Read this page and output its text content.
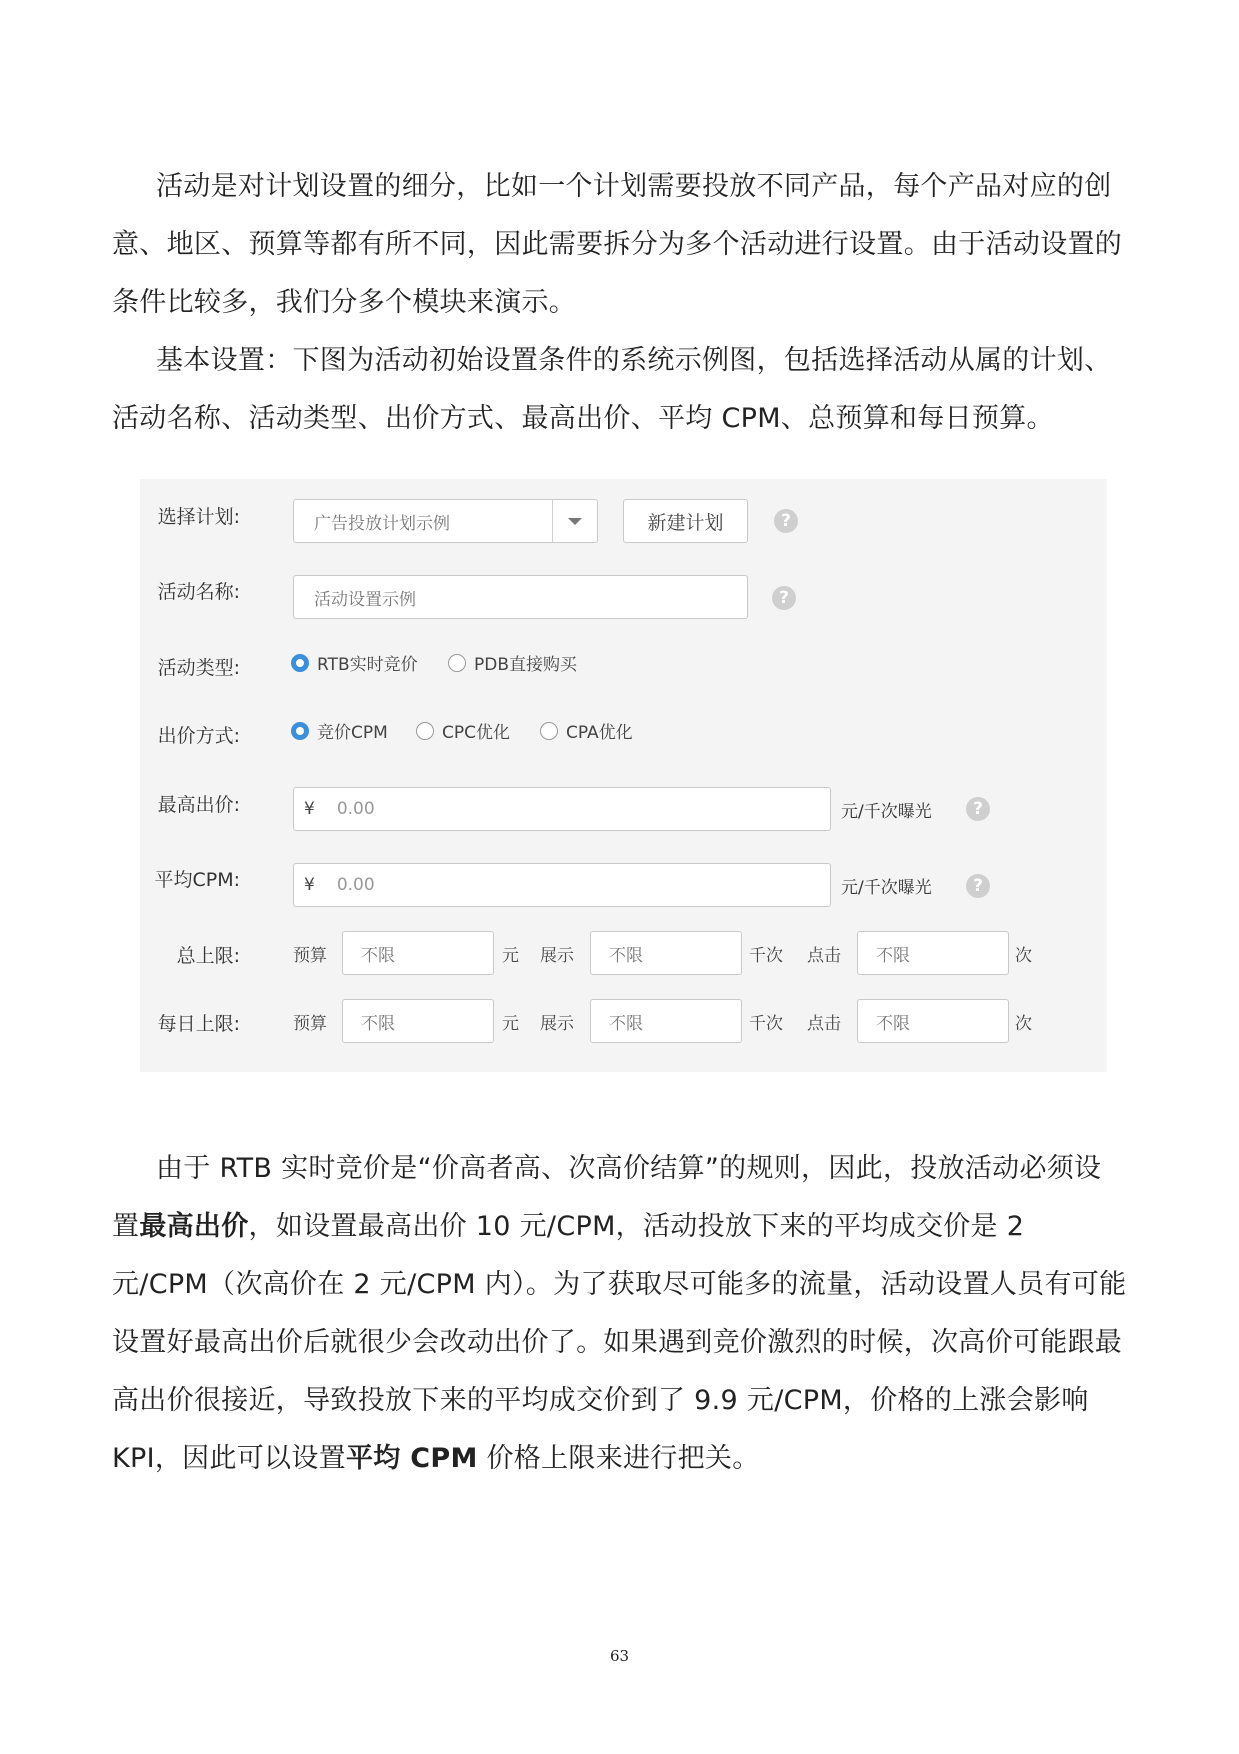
活动是对计划设置的细分，比如一个计划需要投放不同产品，每个产品对应的创意、地区、预算等都有所不同，因此需要拆分为多个活动进行设置。由于活动设置的条件比较多，我们分多个模块来演示。

基本设置：下图为活动初始设置条件的系统示例图，包括选择活动从属的计划、活动名称、活动类型、出价方式、最高出价、平均 CPM、总预算和每日预算。

选择计划:	广告投放计划示例	新建计划	?
活动名称:	活动设置示例	?
活动类型:	RTB实时竞价	PDB直接购买
出价方式:	竞价CPM	CPC优化	CPA优化
最高出价:	¥ 0.00	元/千次曝光	?
平均CPM:	¥ 0.00	元/千次曝光	?
总上限:	预算 不限	元 展示 不限	千次 点击 不限	次
每日上限:	预算 不限	元 展示 不限	千次 点击 不限	次

由于 RTB 实时竞价是“价高者高、次高价结算”的规则，因此，投放活动必须设置最高出价，如设置最高出价 10 元/CPM，活动投放下来的平均成交价是 2 元/CPM（次高价在 2 元/CPM 内）。为了获取尽可能多的流量，活动设置人员有可能设置好最高出价后就很少会改动出价了。如果遇到竞价激烈的时候，次高价可能跟最高出价很接近，导致投放下来的平均成交价到了 9.9 元/CPM，价格的上涨会影响 KPI，因此可以设置平均 CPM 价格上限来进行把关。

63
